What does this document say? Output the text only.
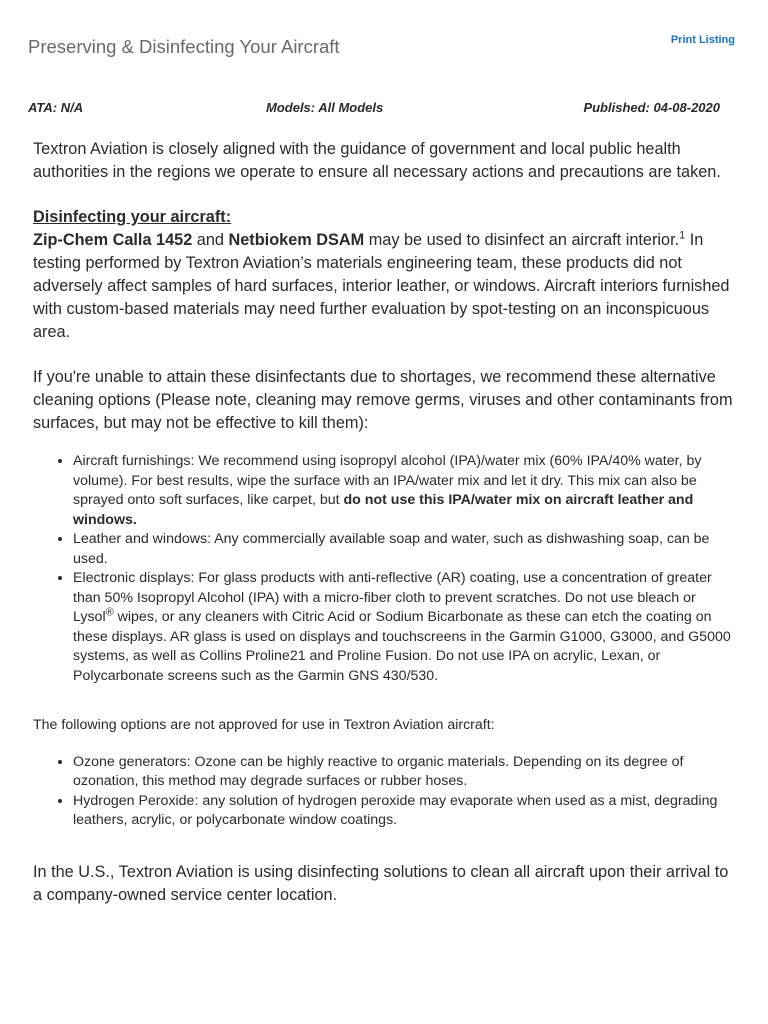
Preserving & Disinfecting Your Aircraft	Print Listing
ATA: N/A	Models: All Models	Published: 04-08-2020

Textron Aviation is closely aligned with the guidance of government and local public health authorities in the regions we operate to ensure all necessary actions and precautions are taken.

Disinfecting your aircraft:

Zip-Chem Calla 1452 and Netbiokem DSAM may be used to disinfect an aircraft interior.$^1$ In testing performed by Textron Aviation’s materials engineering team, these products did not adversely affect samples of hard surfaces, interior leather, or windows. Aircraft interiors furnished with custom-based materials may need further evaluation by spot-testing on an inconspicuous area.

If you're unable to attain these disinfectants due to shortages, we recommend these alternative cleaning options (Please note, cleaning may remove germs, viruses and other contaminants from surfaces, but may not be effective to kill them):

• Aircraft furnishings: We recommend using isopropyl alcohol (IPA)/water mix (60% IPA/40% water, by volume). For best results, wipe the surface with an IPA/water mix and let it dry. This mix can also be sprayed onto soft surfaces, like carpet, but do not use this IPA/water mix on aircraft leather and windows.
• Leather and windows: Any commercially available soap and water, such as dishwashing soap, can be used.
• Electronic displays: For glass products with anti-reflective (AR) coating, use a concentration of greater than 50% Isopropyl Alcohol (IPA) with a micro-fiber cloth to prevent scratches. Do not use bleach or Lysol® wipes, or any cleaners with Citric Acid or Sodium Bicarbonate as these can etch the coating on these displays. AR glass is used on displays and touchscreens in the Garmin G1000, G3000, and G5000 systems, as well as Collins Proline21 and Proline Fusion. Do not use IPA on acrylic, Lexan, or Polycarbonate screens such as the Garmin GNS 430/530.

The following options are not approved for use in Textron Aviation aircraft:

• Ozone generators: Ozone can be highly reactive to organic materials. Depending on its degree of ozonation, this method may degrade surfaces or rubber hoses.
• Hydrogen Peroxide: any solution of hydrogen peroxide may evaporate when used as a mist, degrading leathers, acrylic, or polycarbonate window coatings.

In the U.S., Textron Aviation is using disinfecting solutions to clean all aircraft upon their arrival to a company-owned service center location.
